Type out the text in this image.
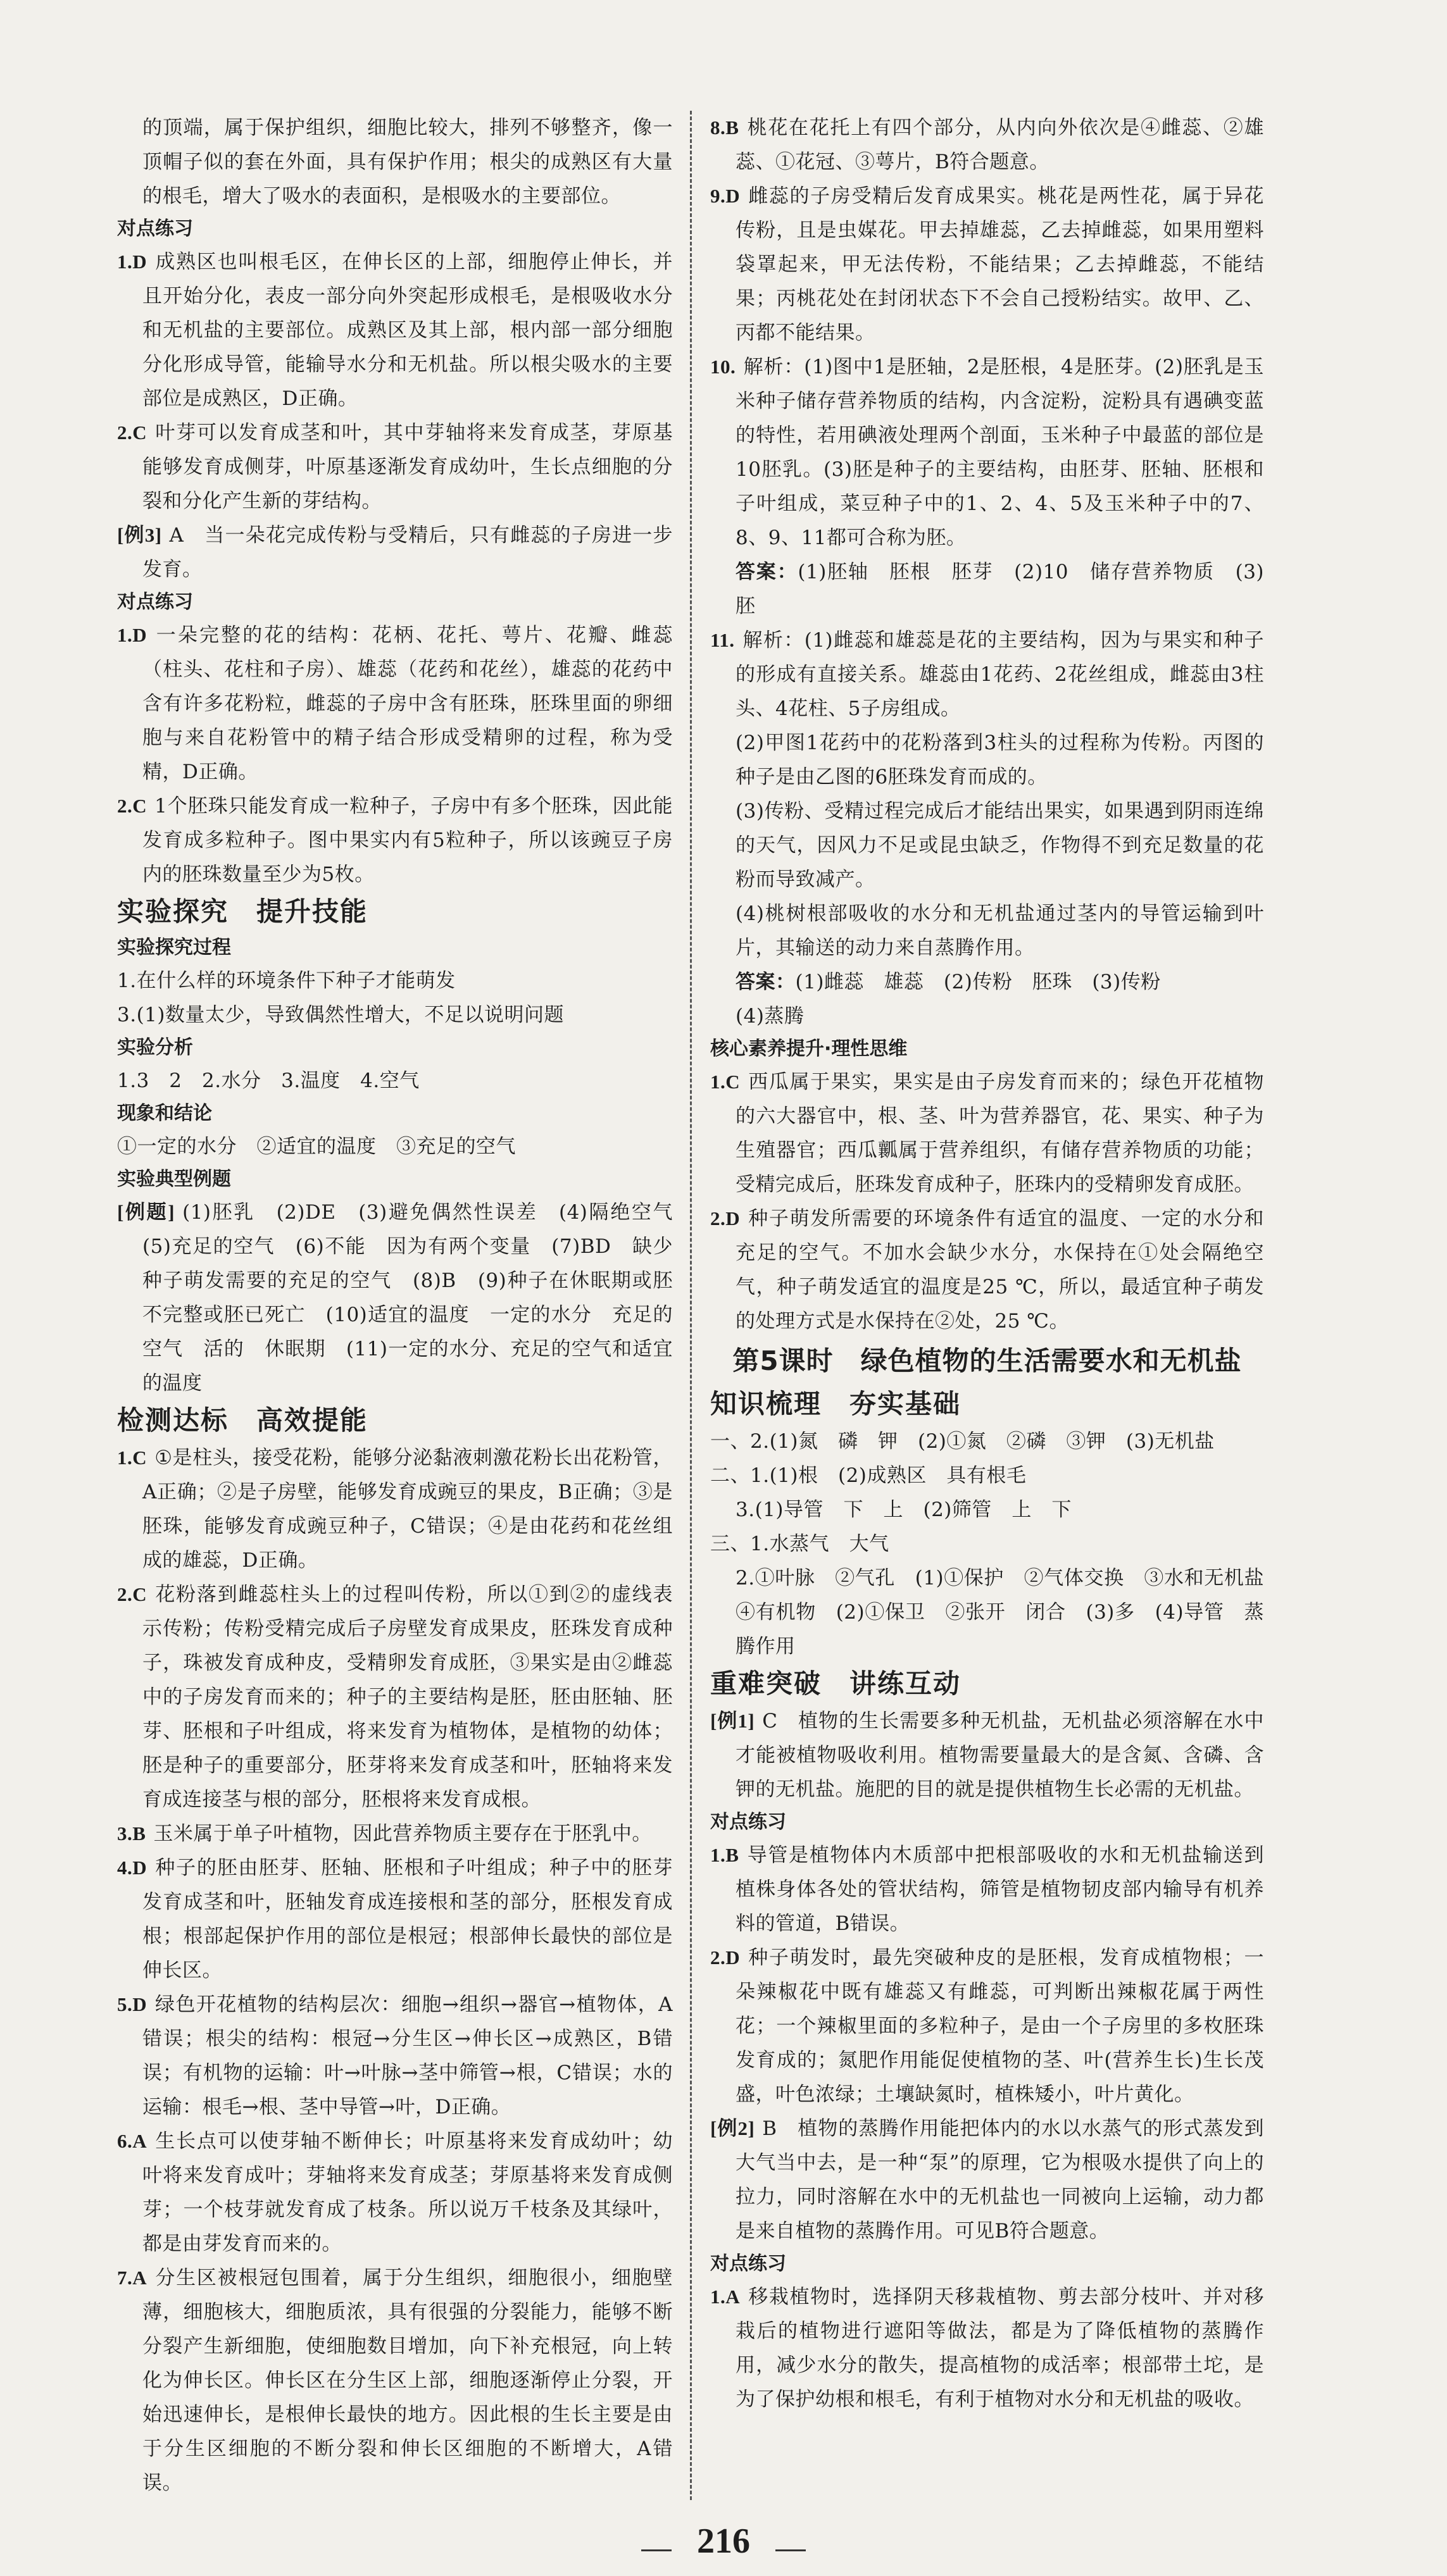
的顶端，属于保护组织，细胞比较大，排列不够整齐，像一顶帽子似的套在外面，具有保护作用；根尖的成熟区有大量的根毛，增大了吸水的表面积，是根吸水的主要部位。
对点练习
1.D 成熟区也叫根毛区，在伸长区的上部，细胞停止伸长，并且开始分化，表皮一部分向外突起形成根毛，是根吸收水分和无机盐的主要部位。成熟区及其上部，根内部一部分细胞分化形成导管，能输导水分和无机盐。所以根尖吸水的主要部位是成熟区，D正确。
2.C 叶芽可以发育成茎和叶，其中芽轴将来发育成茎，芽原基能够发育成侧芽，叶原基逐渐发育成幼叶，生长点细胞的分裂和分化产生新的芽结构。
[例3] A　当一朵花完成传粉与受精后，只有雌蕊的子房进一步发育。
对点练习
1.D 一朵完整的花的结构：花柄、花托、萼片、花瓣、雌蕊（柱头、花柱和子房）、雄蕊（花药和花丝），雄蕊的花药中含有许多花粉粒，雌蕊的子房中含有胚珠，胚珠里面的卵细胞与来自花粉管中的精子结合形成受精卵的过程，称为受精，D正确。
2.C 1个胚珠只能发育成一粒种子，子房中有多个胚珠，因此能发育成多粒种子。图中果实内有5粒种子，所以该豌豆子房内的胚珠数量至少为5枚。
实验探究　提升技能
实验探究过程
1.在什么样的环境条件下种子才能萌发
3.(1)数量太少，导致偶然性增大，不足以说明问题
实验分析
1.3　2　2.水分　3.温度　4.空气
现象和结论
①一定的水分　②适宜的温度　③充足的空气
实验典型例题
[例题] (1)胚乳　(2)DE　(3)避免偶然性误差　(4)隔绝空气　(5)充足的空气　(6)不能　因为有两个变量　(7)BD　缺少种子萌发需要的充足的空气　(8)B　(9)种子在休眠期或胚不完整或胚已死亡　(10)适宜的温度　一定的水分　充足的空气　活的　休眠期　(11)一定的水分、充足的空气和适宜的温度
检测达标　高效提能
1.C ①是柱头，接受花粉，能够分泌黏液刺激花粉长出花粉管，A正确；②是子房壁，能够发育成豌豆的果皮，B正确；③是胚珠，能够发育成豌豆种子，C错误；④是由花药和花丝组成的雄蕊，D正确。
2.C 花粉落到雌蕊柱头上的过程叫传粉，所以①到②的虚线表示传粉；传粉受精完成后子房壁发育成果皮，胚珠发育成种子，珠被发育成种皮，受精卵发育成胚，③果实是由②雌蕊中的子房发育而来的；种子的主要结构是胚，胚由胚轴、胚芽、胚根和子叶组成，将来发育为植物体，是植物的幼体；胚是种子的重要部分，胚芽将来发育成茎和叶，胚轴将来发育成连接茎与根的部分，胚根将来发育成根。
3.B 玉米属于单子叶植物，因此营养物质主要存在于胚乳中。
4.D 种子的胚由胚芽、胚轴、胚根和子叶组成；种子中的胚芽发育成茎和叶，胚轴发育成连接根和茎的部分，胚根发育成根；根部起保护作用的部位是根冠；根部伸长最快的部位是伸长区。
5.D 绿色开花植物的结构层次：细胞→组织→器官→植物体，A错误；根尖的结构：根冠→分生区→伸长区→成熟区，B错误；有机物的运输：叶→叶脉→茎中筛管→根，C错误；水的运输：根毛→根、茎中导管→叶，D正确。
6.A 生长点可以使芽轴不断伸长；叶原基将来发育成幼叶；幼叶将来发育成叶；芽轴将来发育成茎；芽原基将来发育成侧芽；一个枝芽就发育成了枝条。所以说万千枝条及其绿叶，都是由芽发育而来的。
7.A 分生区被根冠包围着，属于分生组织，细胞很小，细胞壁薄，细胞核大，细胞质浓，具有很强的分裂能力，能够不断分裂产生新细胞，使细胞数目增加，向下补充根冠，向上转化为伸长区。伸长区在分生区上部，细胞逐渐停止分裂，开始迅速伸长，是根伸长最快的地方。因此根的生长主要是由于分生区细胞的不断分裂和伸长区细胞的不断增大，A错误。
8.B 桃花在花托上有四个部分，从内向外依次是④雌蕊、②雄蕊、①花冠、③萼片，B符合题意。
9.D 雌蕊的子房受精后发育成果实。桃花是两性花，属于异花传粉，且是虫媒花。甲去掉雄蕊，乙去掉雌蕊，如果用塑料袋罩起来，甲无法传粉，不能结果；乙去掉雌蕊，不能结果；丙桃花处在封闭状态下不会自己授粉结实。故甲、乙、丙都不能结果。
10. 解析：(1)图中1是胚轴，2是胚根，4是胚芽。(2)胚乳是玉米种子储存营养物质的结构，内含淀粉，淀粉具有遇碘变蓝的特性，若用碘液处理两个剖面，玉米种子中最蓝的部位是10胚乳。(3)胚是种子的主要结构，由胚芽、胚轴、胚根和子叶组成，菜豆种子中的1、2、4、5及玉米种子中的7、8、9、11都可合称为胚。
答案：(1)胚轴　胚根　胚芽　(2)10　储存营养物质　(3)胚
11. 解析：(1)雌蕊和雄蕊是花的主要结构，因为与果实和种子的形成有直接关系。雄蕊由1花药、2花丝组成，雌蕊由3柱头、4花柱、5子房组成。
(2)甲图1花药中的花粉落到3柱头的过程称为传粉。丙图的种子是由乙图的6胚珠发育而成的。
(3)传粉、受精过程完成后才能结出果实，如果遇到阴雨连绵的天气，因风力不足或昆虫缺乏，作物得不到充足数量的花粉而导致减产。
(4)桃树根部吸收的水分和无机盐通过茎内的导管运输到叶片，其输送的动力来自蒸腾作用。
答案：(1)雌蕊　雄蕊　(2)传粉　胚珠　(3)传粉
(4)蒸腾
核心素养提升·理性思维
1.C 西瓜属于果实，果实是由子房发育而来的；绿色开花植物的六大器官中，根、茎、叶为营养器官，花、果实、种子为生殖器官；西瓜瓤属于营养组织，有储存营养物质的功能；受精完成后，胚珠发育成种子，胚珠内的受精卵发育成胚。
2.D 种子萌发所需要的环境条件有适宜的温度、一定的水分和充足的空气。不加水会缺少水分，水保持在①处会隔绝空气，种子萌发适宜的温度是25 ℃，所以，最适宜种子萌发的处理方式是水保持在②处，25 ℃。
第5课时　绿色植物的生活需要水和无机盐
知识梳理　夯实基础
一、2.(1)氮　磷　钾　(2)①氮　②磷　③钾　(3)无机盐
二、1.(1)根　(2)成熟区　具有根毛
3.(1)导管　下　上　(2)筛管　上　下
三、1.水蒸气　大气
2.①叶脉　②气孔　(1)①保护　②气体交换　③水和无机盐　④有机物　(2)①保卫　②张开　闭合　(3)多　(4)导管　蒸腾作用
重难突破　讲练互动
[例1] C　植物的生长需要多种无机盐，无机盐必须溶解在水中才能被植物吸收利用。植物需要量最大的是含氮、含磷、含钾的无机盐。施肥的目的就是提供植物生长必需的无机盐。
对点练习
1.B 导管是植物体内木质部中把根部吸收的水和无机盐输送到植株身体各处的管状结构，筛管是植物韧皮部内输导有机养料的管道，B错误。
2.D 种子萌发时，最先突破种皮的是胚根，发育成植物根；一朵辣椒花中既有雄蕊又有雌蕊，可判断出辣椒花属于两性花；一个辣椒里面的多粒种子，是由一个子房里的多枚胚珠发育成的；氮肥作用能促使植物的茎、叶(营养生长)生长茂盛，叶色浓绿；土壤缺氮时，植株矮小，叶片黄化。
[例2] B　植物的蒸腾作用能把体内的水以水蒸气的形式蒸发到大气当中去，是一种“泵”的原理，它为根吸水提供了向上的拉力，同时溶解在水中的无机盐也一同被向上运输，动力都是来自植物的蒸腾作用。可见B符合题意。
对点练习
1.A 移栽植物时，选择阴天移栽植物、剪去部分枝叶、并对移栽后的植物进行遮阳等做法，都是为了降低植物的蒸腾作用，减少水分的散失，提高植物的成活率；根部带土坨，是为了保护幼根和根毛，有利于植物对水分和无机盐的吸收。
216
